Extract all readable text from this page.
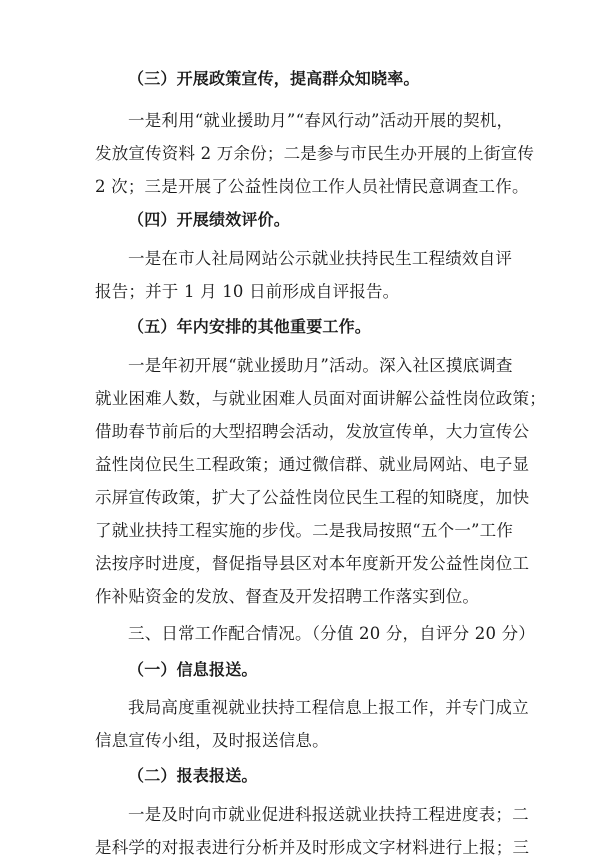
（三）开展政策宣传，提高群众知晓率。
一是利用“就业援助月”“春风行动”活动开展的契机，
发放宣传资料 2 万余份；二是参与市民生办开展的上街宣传
2 次；三是开展了公益性岗位工作人员社情民意调查工作。
（四）开展绩效评价。
一是在市人社局网站公示就业扶持民生工程绩效自评
报告；并于 1 月 10 日前形成自评报告。
（五）年内安排的其他重要工作。
一是年初开展“就业援助月”活动。深入社区摸底调查
就业困难人数，与就业困难人员面对面讲解公益性岗位政策；
借助春节前后的大型招聘会活动，发放宣传单，大力宣传公
益性岗位民生工程政策；通过微信群、就业局网站、电子显
示屏宣传政策，扩大了公益性岗位民生工程的知晓度，加快
了就业扶持工程实施的步伐。二是我局按照“五个一”工作
法按序时进度，督促指导县区对本年度新开发公益性岗位工
作补贴资金的发放、督查及开发招聘工作落实到位。
三、日常工作配合情况。（分值 20 分，自评分 20 分）
（一）信息报送。
我局高度重视就业扶持工程信息上报工作，并专门成立
信息宣传小组，及时报送信息。
（二）报表报送。
一是及时向市就业促进科报送就业扶持工程进度表；二
是科学的对报表进行分析并及时形成文字材料进行上报；三
